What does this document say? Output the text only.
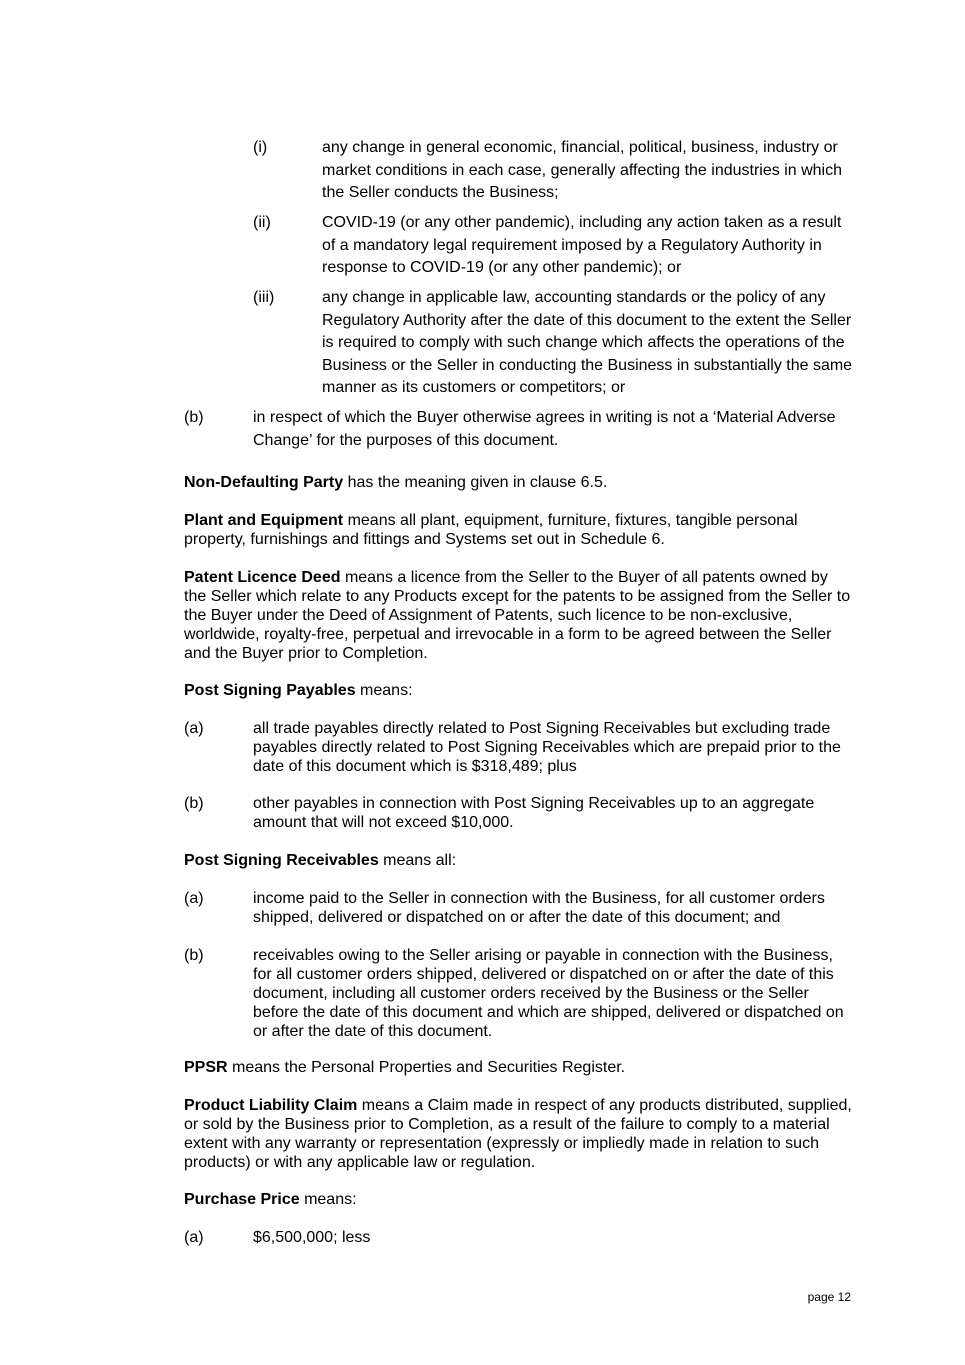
(i)	any change in general economic, financial, political, business, industry or market conditions in each case, generally affecting the industries in which the Seller conducts the Business;
(ii)	COVID-19 (or any other pandemic), including any action taken as a result of a mandatory legal requirement imposed by a Regulatory Authority in response to COVID-19 (or any other pandemic); or
(iii)	any change in applicable law, accounting standards or the policy of any Regulatory Authority after the date of this document to the extent the Seller is required to comply with such change which affects the operations of the Business or the Seller in conducting the Business in substantially the same manner as its customers or competitors; or
(b)	in respect of which the Buyer otherwise agrees in writing is not a ‘Material Adverse Change’ for the purposes of this document.

Non-Defaulting Party has the meaning given in clause 6.5.

Plant and Equipment means all plant, equipment, furniture, fixtures, tangible personal property, furnishings and fittings and Systems set out in Schedule 6.

Patent Licence Deed means a licence from the Seller to the Buyer of all patents owned by the Seller which relate to any Products except for the patents to be assigned from the Seller to the Buyer under the Deed of Assignment of Patents, such licence to be non-exclusive, worldwide, royalty-free, perpetual and irrevocable in a form to be agreed between the Seller and the Buyer prior to Completion.

Post Signing Payables means:

(a)	all trade payables directly related to Post Signing Receivables but excluding trade payables directly related to Post Signing Receivables which are prepaid prior to the date of this document which is $318,489; plus
(b)	other payables in connection with Post Signing Receivables up to an aggregate amount that will not exceed $10,000.

Post Signing Receivables means all:

(a)	income paid to the Seller in connection with the Business, for all customer orders shipped, delivered or dispatched on or after the date of this document; and
(b)	receivables owing to the Seller arising or payable in connection with the Business, for all customer orders shipped, delivered or dispatched on or after the date of this document, including all customer orders received by the Business or the Seller before the date of this document and which are shipped, delivered or dispatched on or after the date of this document.

PPSR means the Personal Properties and Securities Register.

Product Liability Claim means a Claim made in respect of any products distributed, supplied, or sold by the Business prior to Completion, as a result of the failure to comply to a material extent with any warranty or representation (expressly or impliedly made in relation to such products) or with any applicable law or regulation.

Purchase Price means:

(a)	$6,500,000; less
page 12
